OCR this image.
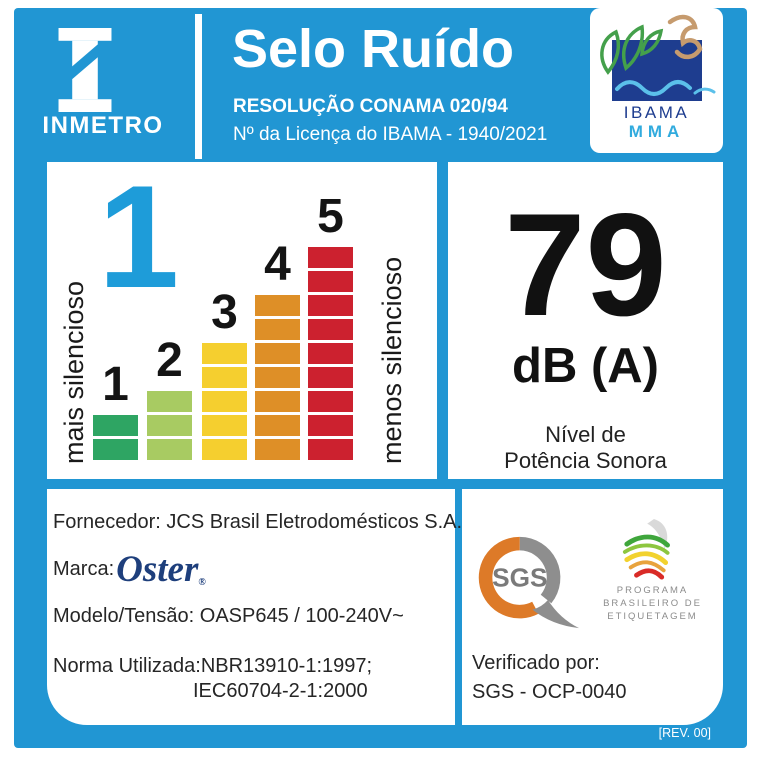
INMETRO
Selo Ruído
RESOLUÇÃO CONAMA 020/94
Nº da Licença do IBAMA - 1940/2021
IBAMA
MMA
1
mais silencioso	menos silencioso
1 2
3
4
5	79
dB (A)
Nível de
Potência Sonora
Fornecedor: JCS Brasil Eletrodomésticos S.A.
Marca: Oster®
Modelo/Tensão: OASP645 / 100-240V~
Norma Utilizada:NBR13910-1:1997;
IEC60704-2-1:2000
SGS	PROGRAMA
BRASILEIRO DE
ETIQUETAGEM
Verificado por:
SGS - OCP-0040
[REV. 00]
